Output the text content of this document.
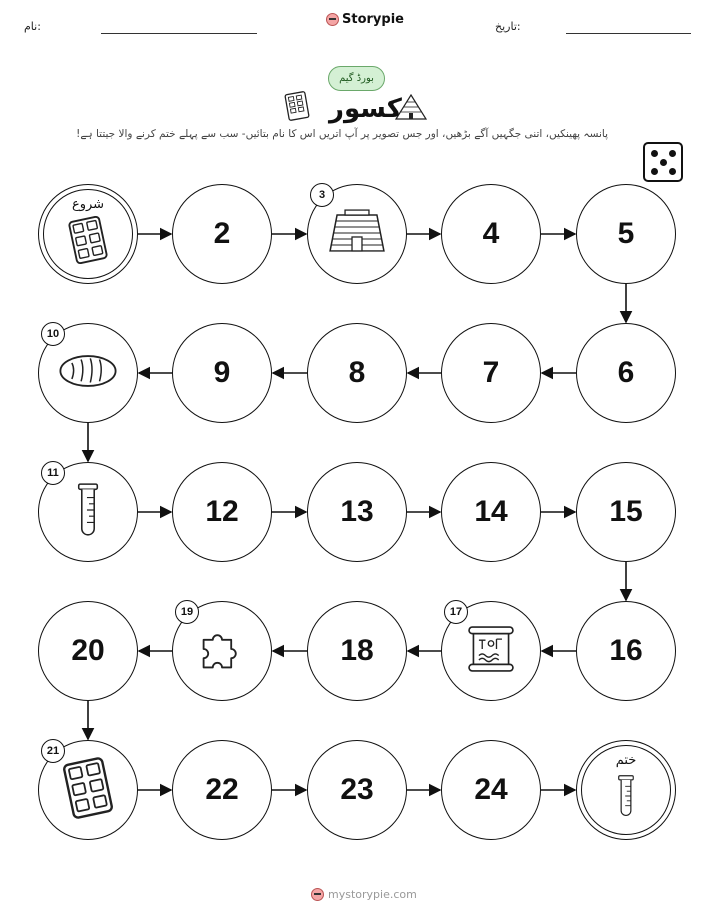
تاریخ:
Storypie
نام:
بورڈ گیم
کسور
پانسہ پھینکیں، اتنی جگہیں آگے بڑھیں، اور جس تصویر پر آپ اتریں اس کا نام بتائیں- سب سے پہلے ختم کرنے والا جیتتا ہے!
شروع
2
3
4	5
6
7
8
9
10
11
12	13	14	15
16
17
18
19
20
21
22	23	24
ختم
mystorypie.com
